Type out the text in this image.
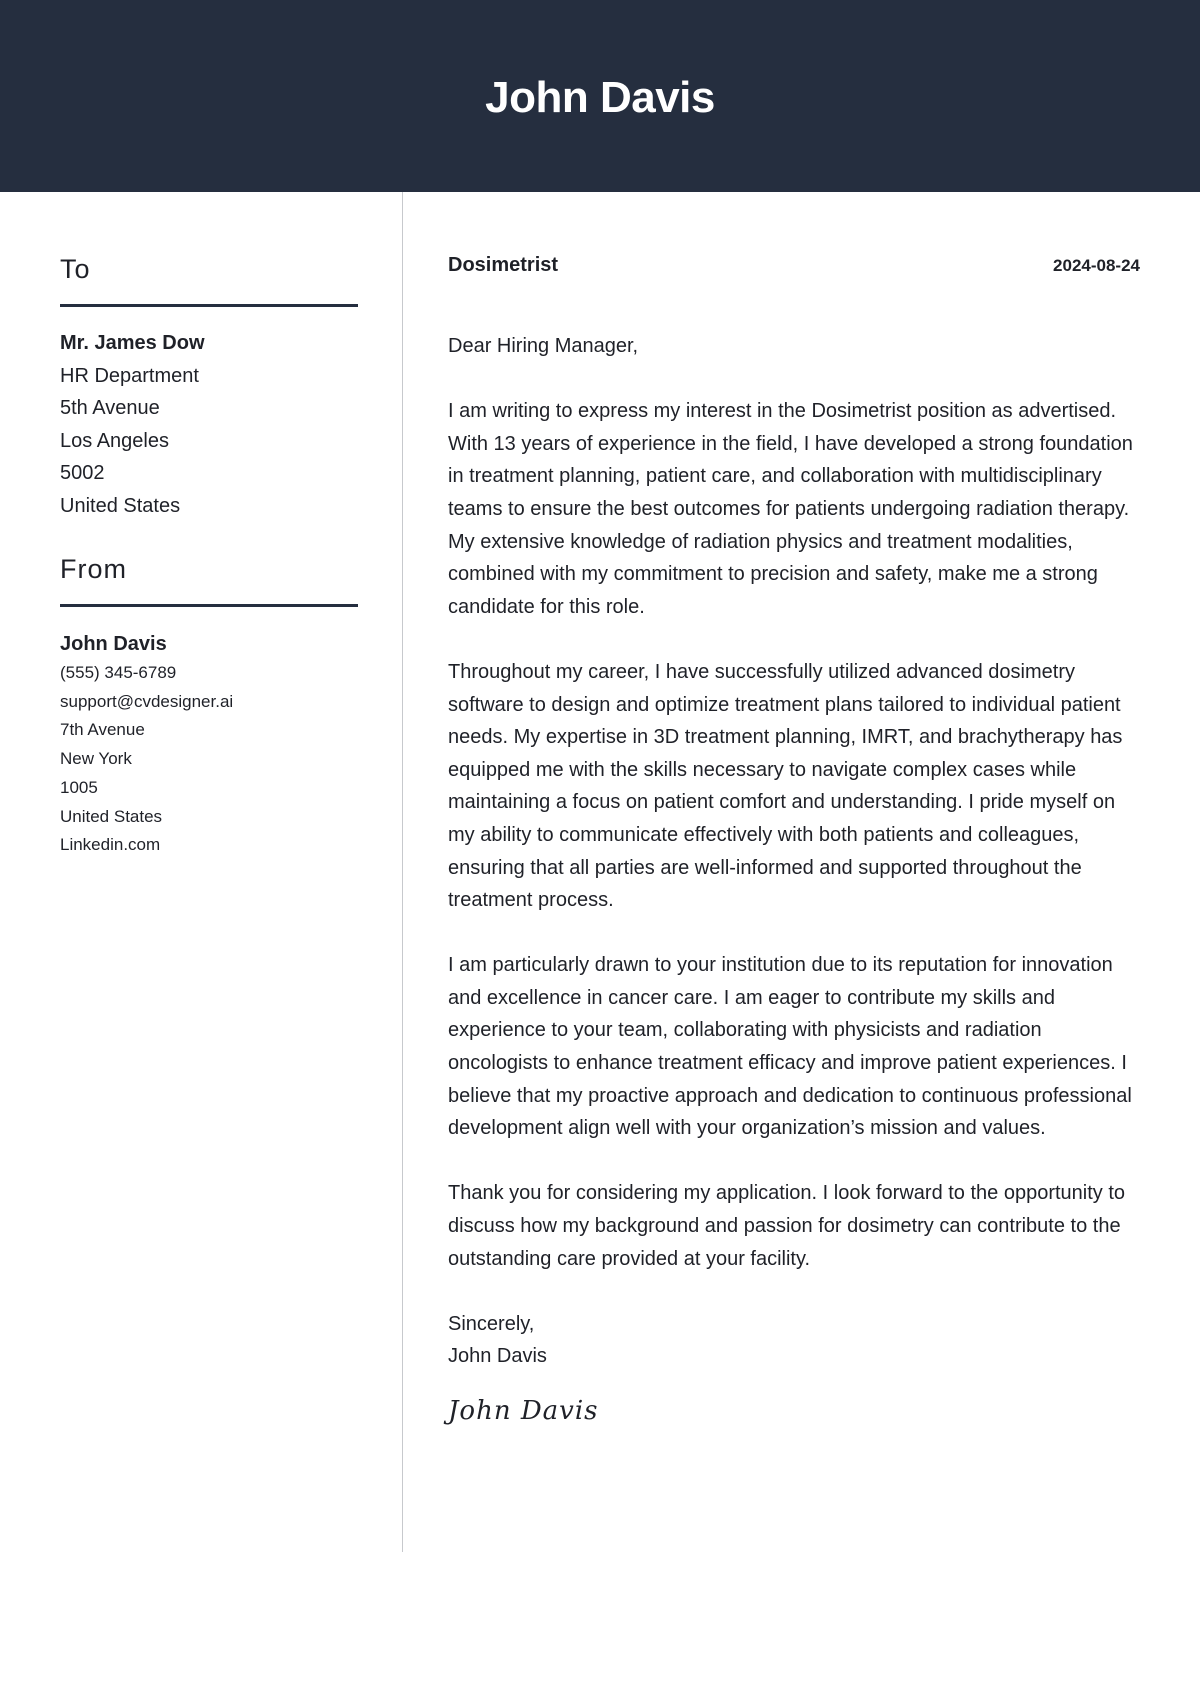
John Davis
To
Mr. James Dow
HR Department
5th Avenue
Los Angeles
5002
United States
From
John Davis
(555) 345-6789
support@cvdesigner.ai
7th Avenue
New York
1005
United States
Linkedin.com
Dosimetrist	2024-08-24

Dear Hiring Manager,

I am writing to express my interest in the Dosimetrist position as advertised. With 13 years of experience in the field, I have developed a strong foundation in treatment planning, patient care, and collaboration with multidisciplinary teams to ensure the best outcomes for patients undergoing radiation therapy. My extensive knowledge of radiation physics and treatment modalities, combined with my commitment to precision and safety, make me a strong candidate for this role.

Throughout my career, I have successfully utilized advanced dosimetry software to design and optimize treatment plans tailored to individual patient needs. My expertise in 3D treatment planning, IMRT, and brachytherapy has equipped me with the skills necessary to navigate complex cases while maintaining a focus on patient comfort and understanding. I pride myself on my ability to communicate effectively with both patients and colleagues, ensuring that all parties are well-informed and supported throughout the treatment process.

I am particularly drawn to your institution due to its reputation for innovation and excellence in cancer care. I am eager to contribute my skills and experience to your team, collaborating with physicists and radiation oncologists to enhance treatment efficacy and improve patient experiences. I believe that my proactive approach and dedication to continuous professional development align well with your organization’s mission and values.

Thank you for considering my application. I look forward to the opportunity to discuss how my background and passion for dosimetry can contribute to the outstanding care provided at your facility.

Sincerely,
John Davis
John Davis
